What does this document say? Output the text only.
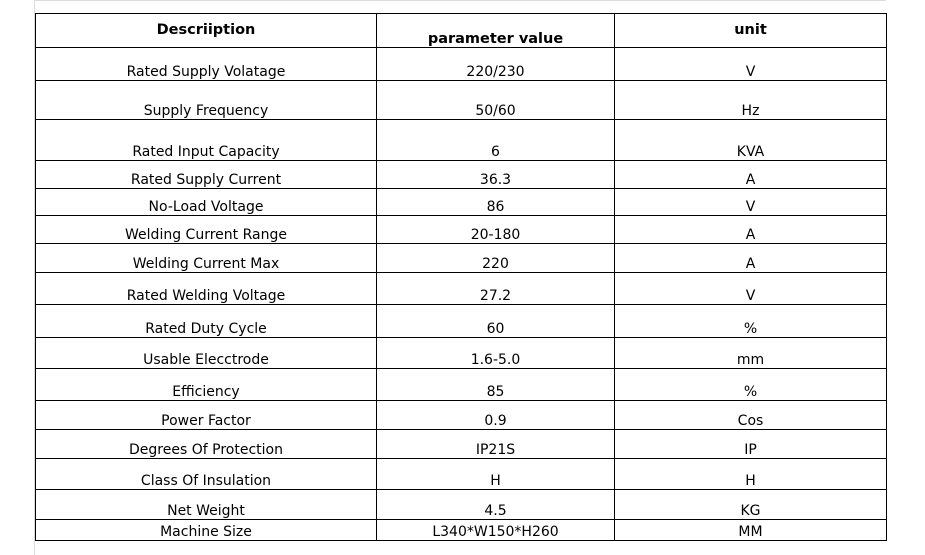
Descriiption	parameter value	unit
Rated Supply Volatage	220/230	V
Supply Frequency	50/60	Hz
Rated Input Capacity	6	KVA
Rated Supply Current	36.3	A
No-Load Voltage	86	V
Welding Current Range	20-180	A
Welding Current Max	220	A
Rated Welding Voltage	27.2	V
Rated Duty Cycle	60	%
Usable Elecctrode	1.6-5.0	mm
Efficiency	85	%
Power Factor	0.9	Cos
Degrees Of Protection	IP21S	IP
Class Of Insulation	H	H
Net Weight	4.5	KG
Machine Size	L340*W150*H260	MM
